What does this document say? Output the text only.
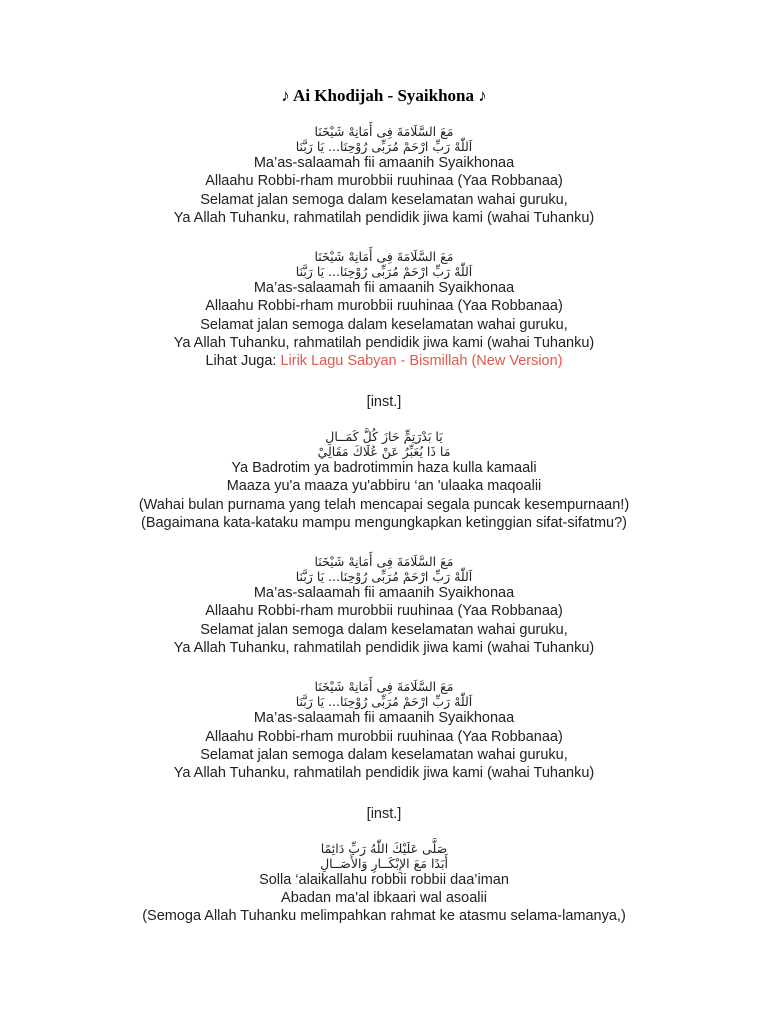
♪ Ai Khodijah - Syaikhona ♪
مَعَ السَّلَامَةَ فِى أَمَانِهْ شَيْخَنَا
اَللّٰهْ رَبِّ ارْحَمْ مُرَبِّى رُوْحِنَا... يَا رَبَّنَا
Ma’as-salaamah fii amaanih Syaikhonaa
Allaahu Robbi-rham murobbii ruuhinaa (Yaa Robbanaa)
Selamat jalan semoga dalam keselamatan wahai guruku,
Ya Allah Tuhanku, rahmatilah pendidik jiwa kami (wahai Tuhanku)
مَعَ السَّلَامَةَ فِى أَمَانِهْ شَيْخَنَا
اَللّٰهْ رَبِّ ارْحَمْ مُرَبِّى رُوْحِنَا... يَا رَبَّنَا
Ma’as-salaamah fii amaanih Syaikhonaa
Allaahu Robbi-rham murobbii ruuhinaa (Yaa Robbanaa)
Selamat jalan semoga dalam keselamatan wahai guruku,
Ya Allah Tuhanku, rahmatilah pendidik jiwa kami (wahai Tuhanku)
Lihat Juga: Lirik Lagu Sabyan - Bismillah (New Version)
[inst.]
يَا بَدْرَتِمٍّ حَازَ كُلَّ كَمَــالِ
مَا ذَا يُعَبِّرُ عَنْ عُلَاكَ مَقَالِيْ
Ya Badrotim ya badrotimmin haza kulla kamaali
Maaza yu'a maaza yu'abbiru ‘an 'ulaaka maqoalii
(Wahai bulan purnama yang telah mencapai segala puncak kesempurnaan!)
(Bagaimana kata-kataku mampu mengungkapkan ketinggian sifat-sifatmu?)
مَعَ السَّلَامَةَ فِى أَمَانِهْ شَيْخَنَا
اَللّٰهْ رَبِّ ارْحَمْ مُرَبِّى رُوْحِنَا... يَا رَبَّنَا
Ma’as-salaamah fii amaanih Syaikhonaa
Allaahu Robbi-rham murobbii ruuhinaa (Yaa Robbanaa)
Selamat jalan semoga dalam keselamatan wahai guruku,
Ya Allah Tuhanku, rahmatilah pendidik jiwa kami (wahai Tuhanku)
مَعَ السَّلَامَةَ فِى أَمَانِهْ شَيْخَنَا
اَللّٰهْ رَبِّ ارْحَمْ مُرَبِّى رُوْحِنَا... يَا رَبَّنَا
Ma’as-salaamah fii amaanih Syaikhonaa
Allaahu Robbi-rham murobbii ruuhinaa (Yaa Robbanaa)
Selamat jalan semoga dalam keselamatan wahai guruku,
Ya Allah Tuhanku, rahmatilah pendidik jiwa kami (wahai Tuhanku)
[inst.]
صَلَّى عَلَيْكَ اللّٰهُ رَبِّ دَائِمًا
أَبَدًا مَعَ الإِبْكَــارِ وَالأَصَــالِ
Solla ‘alaikallahu robbii robbii daa’iman
Abadan ma'al ibkaari wal asoalii
(Semoga Allah Tuhanku melimpahkan rahmat ke atasmu selama-lamanya,)
